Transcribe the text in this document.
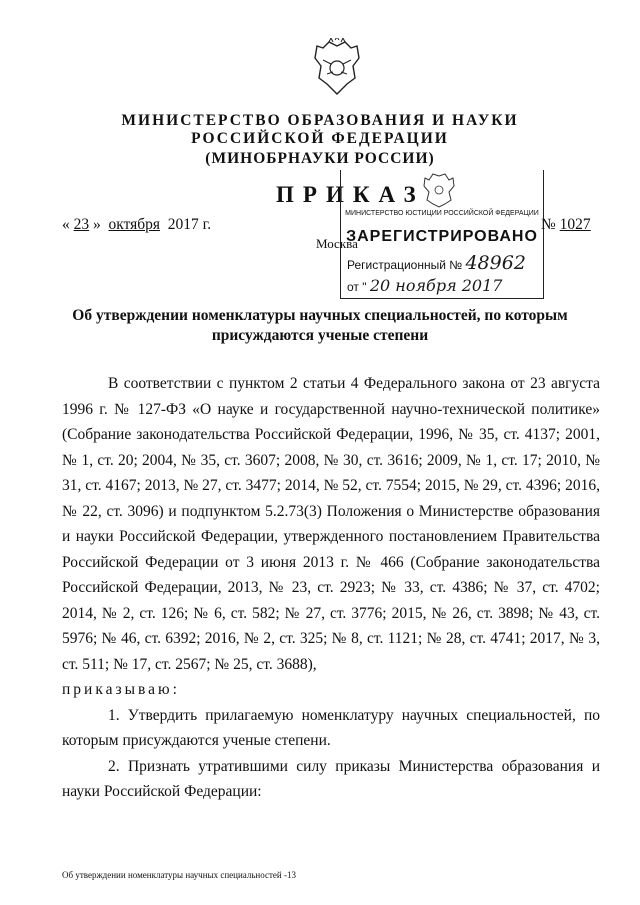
МИНИСТЕРСТВО ОБРАЗОВАНИЯ И НАУКИ
РОССИЙСКОЙ ФЕДЕРАЦИИ
(МИНОБРНАУКИ РОССИИ)
ПРИКАЗ
МИНИСТЕРСТВО ЮСТИЦИИ РОССИЙСКОЙ ФЕДЕРАЦИИ
ЗАРЕГИСТРИРОВАНО
Регистрационный № 48962
от " 20 ноября 2017
« 23 » октября 2017 г.	№ 1027
Москва
Об утверждении номенклатуры научных специальностей, по которым
присуждаются ученые степени

В соответствии с пунктом 2 статьи 4 Федерального закона от 23 августа 1996 г. № 127-ФЗ «О науке и государственной научно-технической политике» (Собрание законодательства Российской Федерации, 1996, № 35, ст. 4137; 2001, № 1, ст. 20; 2004, № 35, ст. 3607; 2008, № 30, ст. 3616; 2009, № 1, ст. 17; 2010, № 31, ст. 4167; 2013, № 27, ст. 3477; 2014, № 52, ст. 7554; 2015, № 29, ст. 4396; 2016, № 22, ст. 3096) и подпунктом 5.2.73(3) Положения о Министерстве образования и науки Российской Федерации, утвержденного постановлением Правительства Российской Федерации от 3 июня 2013 г. № 466 (Собрание законодательства Российской Федерации, 2013, № 23, ст. 2923; № 33, ст. 4386; № 37, ст. 4702; 2014, № 2, ст. 126; № 6, ст. 582; № 27, ст. 3776; 2015, № 26, ст. 3898; № 43, ст. 5976; № 46, ст. 6392; 2016, № 2, ст. 325; № 8, ст. 1121; № 28, ст. 4741; 2017, № 3, ст. 511; № 17, ст. 2567; № 25, ст. 3688),

приказываю:

1. Утвердить прилагаемую номенклатуру научных специальностей, по которым присуждаются ученые степени.

2. Признать утратившими силу приказы Министерства образования и науки Российской Федерации:

Об утверждении номенклатуры научных специальностей -13
